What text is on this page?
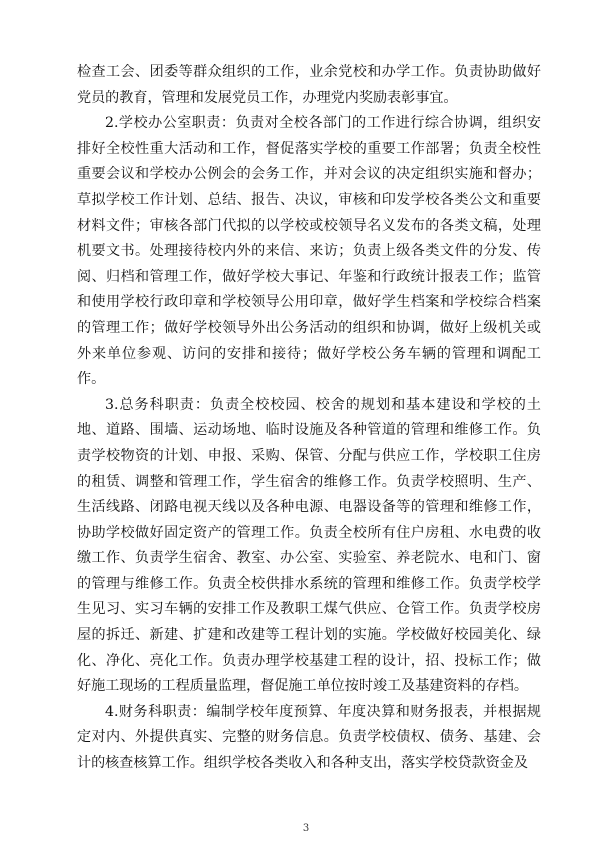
检查工会、团委等群众组织的工作，业余党校和办学工作。负责协助做好党员的教育，管理和发展党员工作，办理党内奖励表彰事宜。

2.学校办公室职责：负责对全校各部门的工作进行综合协调，组织安排好全校性重大活动和工作，督促落实学校的重要工作部署；负责全校性重要会议和学校办公例会的会务工作，并对会议的决定组织实施和督办；草拟学校工作计划、总结、报告、决议，审核和印发学校各类公文和重要材料文件；审核各部门代拟的以学校或校领导名义发布的各类文稿，处理机要文书。处理接待校内外的来信、来访；负责上级各类文件的分发、传阅、归档和管理工作，做好学校大事记、年鉴和行政统计报表工作；监管和使用学校行政印章和学校领导公用印章，做好学生档案和学校综合档案的管理工作；做好学校领导外出公务活动的组织和协调，做好上级机关或外来单位参观、访问的安排和接待；做好学校公务车辆的管理和调配工作。

3.总务科职责：负责全校校园、校舍的规划和基本建设和学校的土地、道路、围墙、运动场地、临时设施及各种管道的管理和维修工作。负责学校物资的计划、申报、采购、保管、分配与供应工作，学校职工住房的租赁、调整和管理工作，学生宿舍的维修工作。负责学校照明、生产、生活线路、闭路电视天线以及各种电源、电器设备等的管理和维修工作，协助学校做好固定资产的管理工作。负责全校所有住户房租、水电费的收缴工作、负责学生宿舍、教室、办公室、实验室、养老院水、电和门、窗的管理与维修工作。负责全校供排水系统的管理和维修工作。负责学校学生见习、实习车辆的安排工作及教职工煤气供应、仓管工作。负责学校房屋的拆迁、新建、扩建和改建等工程计划的实施。学校做好校园美化、绿化、净化、亮化工作。负责办理学校基建工程的设计，招、投标工作；做好施工现场的工程质量监理，督促施工单位按时竣工及基建资料的存档。

4.财务科职责：编制学校年度预算、年度决算和财务报表，并根据规定对内、外提供真实、完整的财务信息。负责学校债权、债务、基建、会计的核查核算工作。组织学校各类收入和各种支出，落实学校贷款资金及

3
